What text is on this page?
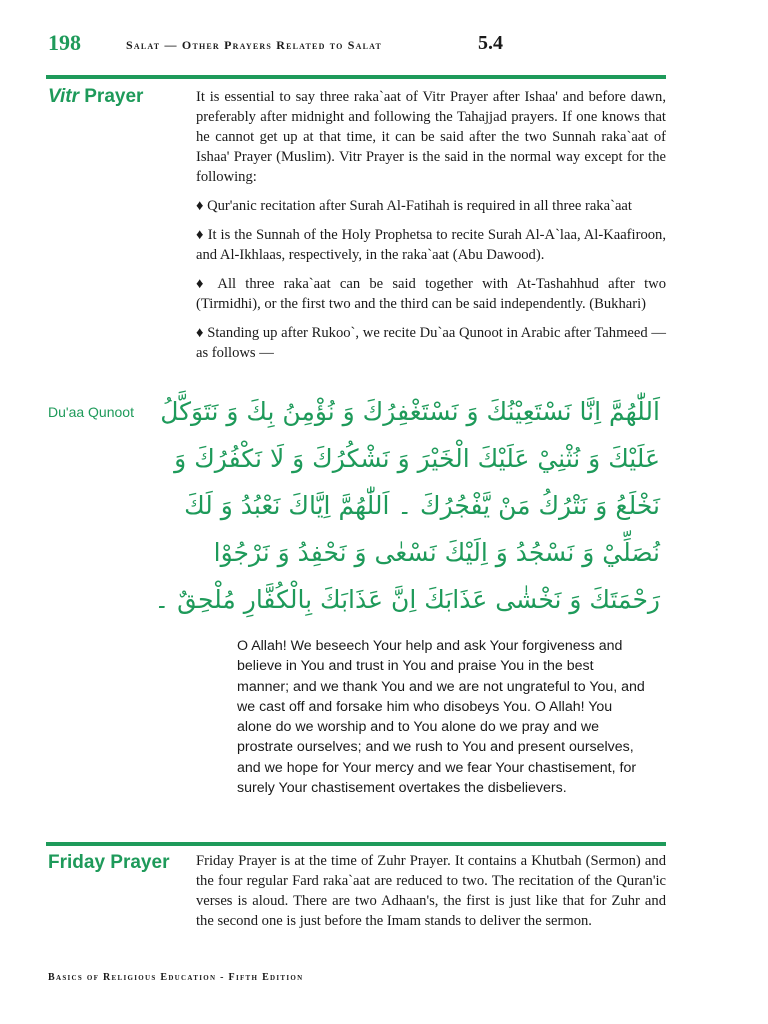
198	Salat — Other Prayers Related to Salat	5.4
Vitr Prayer	It is essential to say three raka`aat of Vitr Prayer after Ishaa' and before dawn, preferably after midnight and following the Tahajjad prayers. If one knows that he cannot get up at that time, it can be said after the two Sunnah raka`aat of Ishaa' Prayer (Muslim). Vitr Prayer is the said in the normal way except for the following:

♦ Qur'anic recitation after Surah Al-Fatihah is required in all three raka`aat

♦ It is the Sunnah of the Holy Prophetsa to recite Surah Al-A`laa, Al-Kaafiroon, and Al-Ikhlaas, respectively, in the raka`aat (Abu Dawood).

♦ All three raka`aat can be said together with At-Tashahhud after two (Tirmidhi), or the first two and the third can be said independently. (Bukhari)

♦ Standing up after Rukoo`, we recite Du`aa Qunoot in Arabic after Tahmeed — as follows —

Du'aa Qunoot اَللّٰهُمَّ اِنَّا نَسْتَعِيْنُكَ وَ نَسْتَغْفِرُكَ وَ نُؤْمِنُ بِكَ وَ نَتَوَكَّلُ
عَلَيْكَ وَ نُثْنِيْ عَلَيْكَ الْخَيْرَ وَ نَشْكُرُكَ وَ لَا نَكْفُرُكَ وَ
نَخْلَعُ وَ نَتْرُكُ مَنْ يَّفْجُرُكَ ۔ اَللّٰهُمَّ اِيَّاكَ نَعْبُدُ وَ لَكَ
نُصَلِّيْ وَ نَسْجُدُ وَ اِلَيْكَ نَسْعٰى وَ نَحْفِدُ وَ نَرْجُوْا
رَحْمَتَكَ وَ نَخْشٰى عَذَابَكَ اِنَّ عَذَابَكَ بِالْكُفَّارِ مُلْحِقٌ ۔
O Allah! We beseech Your help and ask Your forgiveness and believe in You and trust in You and praise You in the best manner; and we thank You and we are not ungrateful to You, and we cast off and forsake him who disobeys You. O Allah! You alone do we worship and to You alone do we pray and we prostrate ourselves; and we rush to You and present ourselves, and we hope for Your mercy and we fear Your chastisement, for surely Your chastisement overtakes the disbelievers.
Friday Prayer Friday Prayer is at the time of Zuhr Prayer. It contains a Khutbah (Sermon) and the four regular Fard raka`aat are reduced to two. The recitation of the Quran'ic verses is aloud. There are two Adhaan's, the first is just like that for Zuhr and the second one is just before the Imam stands to deliver the sermon.
Basics of Religious Education - Fifth Edition
